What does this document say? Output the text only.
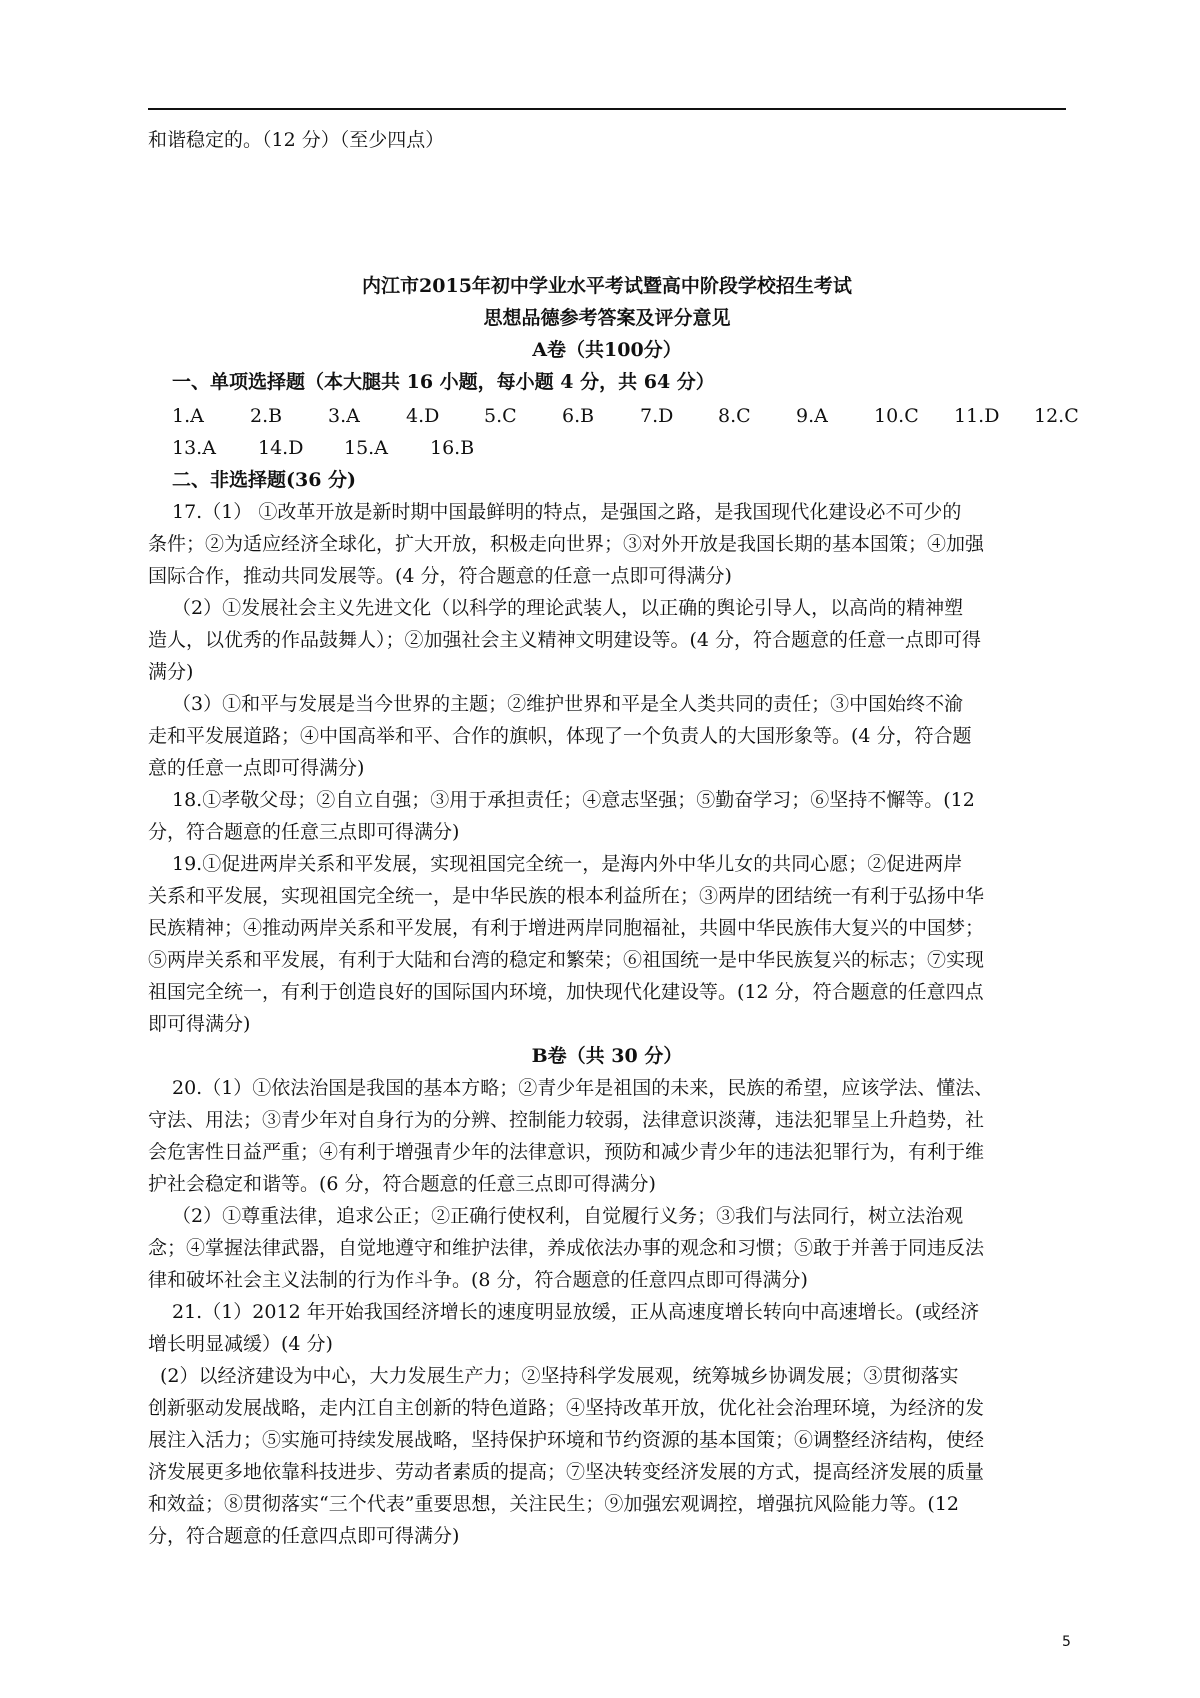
和谐稳定的。（12 分）（至少四点）
内江市2015年初中学业水平考试暨高中阶段学校招生考试
思想品德参考答案及评分意见
A卷（共100分）
一、单项选择题（本大腿共 16 小题，每小题 4 分，共 64 分）
1.A 2.B 3.A 4.D 5.C 6.B 7.D 8.C 9.A 10.C 11.D 12.C
13.A 14.D 15.A 16.B
二、非选择题(36 分)
17.（1） ①改革开放是新时期中国最鲜明的特点，是强国之路，是我国现代化建设必不可少的
条件；②为适应经济全球化，扩大开放，积极走向世界；③对外开放是我国长期的基本国策；④加强
国际合作，推动共同发展等。(4 分，符合题意的任意一点即可得满分)
（2）①发展社会主义先进文化（以科学的理论武装人，以正确的舆论引导人，以高尚的精神塑
造人，以优秀的作品鼓舞人）；②加强社会主义精神文明建设等。(4 分，符合题意的任意一点即可得
满分)
（3）①和平与发展是当今世界的主题；②维护世界和平是全人类共同的责任；③中国始终不渝
走和平发展道路；④中国高举和平、合作的旗帜，体现了一个负责人的大国形象等。(4 分，符合题
意的任意一点即可得满分)
18.①孝敬父母；②自立自强；③用于承担责任；④意志坚强；⑤勤奋学习；⑥坚持不懈等。(12
分，符合题意的任意三点即可得满分)
19.①促进两岸关系和平发展，实现祖国完全统一，是海内外中华儿女的共同心愿；②促进两岸
关系和平发展，实现祖国完全统一，是中华民族的根本利益所在；③两岸的团结统一有利于弘扬中华
民族精神；④推动两岸关系和平发展，有利于增进两岸同胞福祉，共圆中华民族伟大复兴的中国梦；
⑤两岸关系和平发展，有利于大陆和台湾的稳定和繁荣；⑥祖国统一是中华民族复兴的标志；⑦实现
祖国完全统一，有利于创造良好的国际国内环境，加快现代化建设等。(12 分，符合题意的任意四点
即可得满分)
B卷（共 30 分）
20.（1）①依法治国是我国的基本方略；②青少年是祖国的未来，民族的希望，应该学法、懂法、
守法、用法；③青少年对自身行为的分辨、控制能力较弱，法律意识淡薄，违法犯罪呈上升趋势，社
会危害性日益严重；④有利于增强青少年的法律意识，预防和减少青少年的违法犯罪行为，有利于维
护社会稳定和谐等。(6 分，符合题意的任意三点即可得满分)
（2）①尊重法律，追求公正；②正确行使权利，自觉履行义务；③我们与法同行，树立法治观
念；④掌握法律武器，自觉地遵守和维护法律，养成依法办事的观念和习惯；⑤敢于并善于同违反法
律和破坏社会主义法制的行为作斗争。(8 分，符合题意的任意四点即可得满分)
21.（1）2012 年开始我国经济增长的速度明显放缓，正从高速度增长转向中高速增长。(或经济
增长明显减缓）(4 分)
(2）以经济建设为中心，大力发展生产力；②坚持科学发展观，统筹城乡协调发展；③贯彻落实
创新驱动发展战略，走内江自主创新的特色道路；④坚持改革开放，优化社会治理环境，为经济的发
展注入活力；⑤实施可持续发展战略，坚持保护环境和节约资源的基本国策；⑥调整经济结构，使经
济发展更多地依靠科技进步、劳动者素质的提高；⑦坚决转变经济发展的方式，提高经济发展的质量
和效益；⑧贯彻落实“三个代表”重要思想，关注民生；⑨加强宏观调控，增强抗风险能力等。(12
分，符合题意的任意四点即可得满分)
5
